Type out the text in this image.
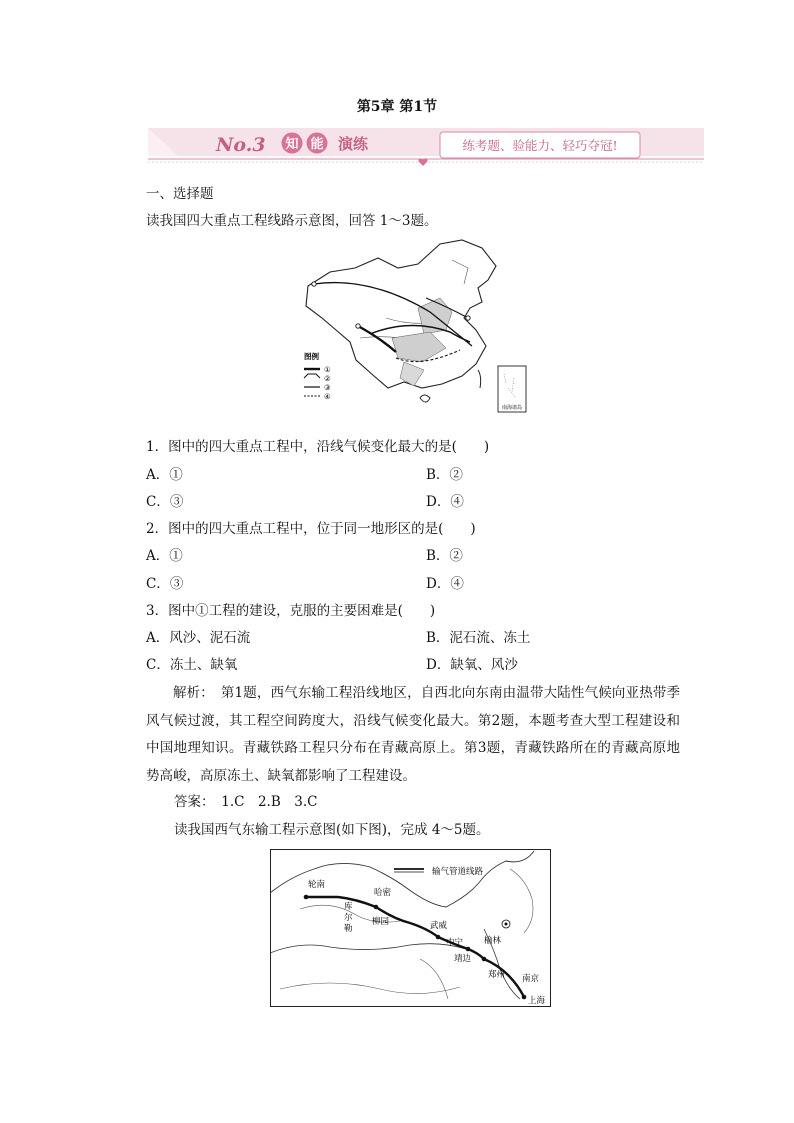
第5章 第1节
No.3 知 能 演练	练考题、验能力、轻巧夺冠!
一、选择题
读我国四大重点工程线路示意图，回答 1～3题。
图例
①
②
③
④
南海诸岛
1．图中的四大重点工程中，沿线气候变化最大的是(　　)
A．①	B．②
C．③	D．④
2．图中的四大重点工程中，位于同一地形区的是(　　)
A．①	B．②
C．③	D．④
3．图中①工程的建设，克服的主要困难是(　　)
A．风沙、泥石流	B．泥石流、冻土
C．冻土、缺氧	D．缺氧、风沙
解析：　第1题，西气东输工程沿线地区，自西北向东南由温带大陆性气候向亚热带季风气候过渡，其工程空间跨度大，沿线气候变化最大。第2题，本题考查大型工程建设和中国地理知识。青藏铁路工程只分布在青藏高原上。第3题，青藏铁路所在的青藏高原地势高峻，高原冻土、缺氧都影响了工程建设。
答案：　1.C　2.B　3.C
读我国西气东输工程示意图(如下图)，完成 4～5题。
输气管道线路
轮南
库
尔
勒
哈密
柳园	武威
中宁
靖边
榆林
郑州 南京
上海
